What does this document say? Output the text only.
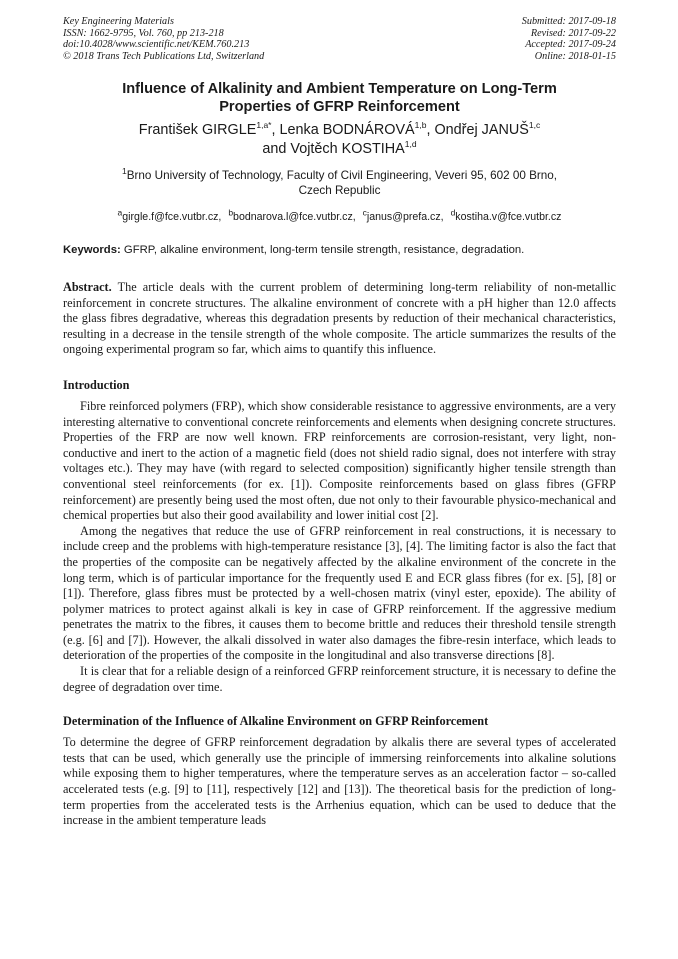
Key Engineering Materials
ISSN: 1662-9795, Vol. 760, pp 213-218
doi:10.4028/www.scientific.net/KEM.760.213
© 2018 Trans Tech Publications Ltd, Switzerland
Submitted: 2017-09-18
Revised: 2017-09-22
Accepted: 2017-09-24
Online: 2018-01-15
Influence of Alkalinity and Ambient Temperature on Long-Term
Properties of GFRP Reinforcement
František $GIRGLE^{1,a*}$, Lenka BODNÁROVÁ$^{1,b}$, Ondřej JANUŠ$^{1,c}$
and Vojtěch KOSTIHA$^{1,d}$
$^1$Brno University of Technology, Faculty of Civil Engineering, Veveri 95, 602 00 Brno,
Czech Republic
$^a$girgle.f@fce.vutbr.cz, $^b$bodnarova.l@fce.vutbr.cz, $^c$janus@prefa.cz, $^d$kostiha.v@fce.vutbr.cz
Keywords: GFRP, alkaline environment, long-term tensile strength, resistance, degradation.
Abstract. The article deals with the current problem of determining long-term reliability of non-metallic reinforcement in concrete structures. The alkaline environment of concrete with a pH higher than 12.0 affects the glass fibres degradative, whereas this degradation presents by reduction of their mechanical characteristics, resulting in a decrease in the tensile strength of the whole composite. The article summarizes the results of the ongoing experimental program so far, which aims to quantify this influence.
Introduction

Fibre reinforced polymers (FRP), which show considerable resistance to aggressive environments, are a very interesting alternative to conventional concrete reinforcements and elements when designing concrete structures. Properties of the FRP are now well known. FRP reinforcements are corrosion-resistant, very light, non-conductive and inert to the action of a magnetic field (does not shield radio signal, does not interfere with stray voltages etc.). They may have (with regard to selected composition) significantly higher tensile strength than conventional steel reinforcements (for ex. [1]). Composite reinforcements based on glass fibres (GFRP reinforcement) are presently being used the most often, due not only to their favourable physico-mechanical and chemical properties but also their good availability and lower initial cost [2].

Among the negatives that reduce the use of GFRP reinforcement in real constructions, it is necessary to include creep and the problems with high-temperature resistance [3], [4]. The limiting factor is also the fact that the properties of the composite can be negatively affected by the alkaline environment of the concrete in the long term, which is of particular importance for the frequently used E and ECR glass fibres (for ex. [5], [8] or [1]). Therefore, glass fibres must be protected by a well-chosen matrix (vinyl ester, epoxide). The ability of polymer matrices to protect against alkali is key in case of GFRP reinforcement. If the aggressive medium penetrates the matrix to the fibres, it causes them to become brittle and reduces their threshold tensile strength (e.g. [6] and [7]). However, the alkali dissolved in water also damages the fibre-resin interface, which leads to deterioration of the properties of the composite in the longitudinal and also transverse directions [8].

It is clear that for a reliable design of a reinforced GFRP reinforcement structure, it is necessary to define the degree of degradation over time.

Determination of the Influence of Alkaline Environment on GFRP Reinforcement

To determine the degree of GFRP reinforcement degradation by alkalis there are several types of accelerated tests that can be used, which generally use the principle of immersing reinforcements into alkaline solutions while exposing them to higher temperatures, where the temperature serves as an acceleration factor – so-called accelerated tests (e.g. [9] to [11], respectively [12] and [13]). The theoretical basis for the prediction of long-term properties from the accelerated tests is the Arrhenius equation, which can be used to deduce that the increase in the ambient temperature leads
